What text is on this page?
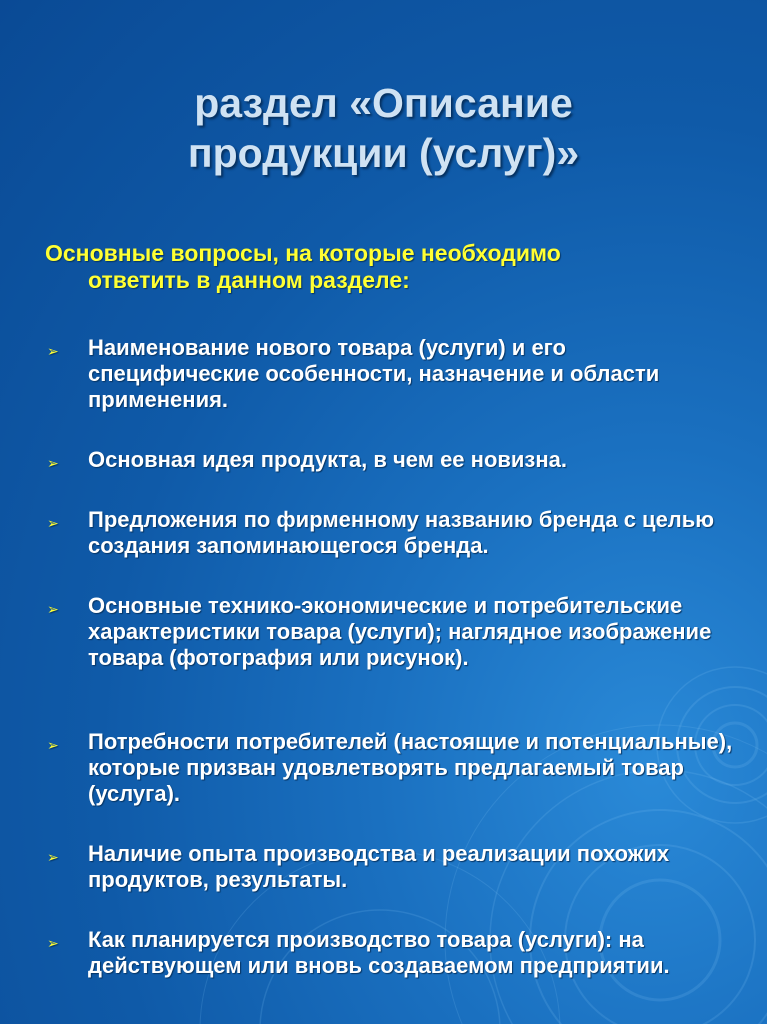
раздел «Описание
продукции (услуг)»

Основные вопросы, на которые необходимо
ответить в данном разделе:

➢ Наименование нового товара (услуги) и его специфические особенности, назначение и области применения.
➢ Основная идея продукта, в чем ее новизна.
➢ Предложения по фирменному названию бренда с целью создания запоминающегося бренда.
➢ Основные технико-экономические и потребительские характеристики товара (услуги); наглядное изображение товара (фотография или рисунок).
➢ Потребности потребителей (настоящие и потенциальные), которые призван удовлетворять предлагаемый товар (услуга).
➢ Наличие опыта производства и реализации похожих продуктов, результаты.
➢ Как планируется производство товара (услуги): на действующем или вновь создаваемом предприятии.
